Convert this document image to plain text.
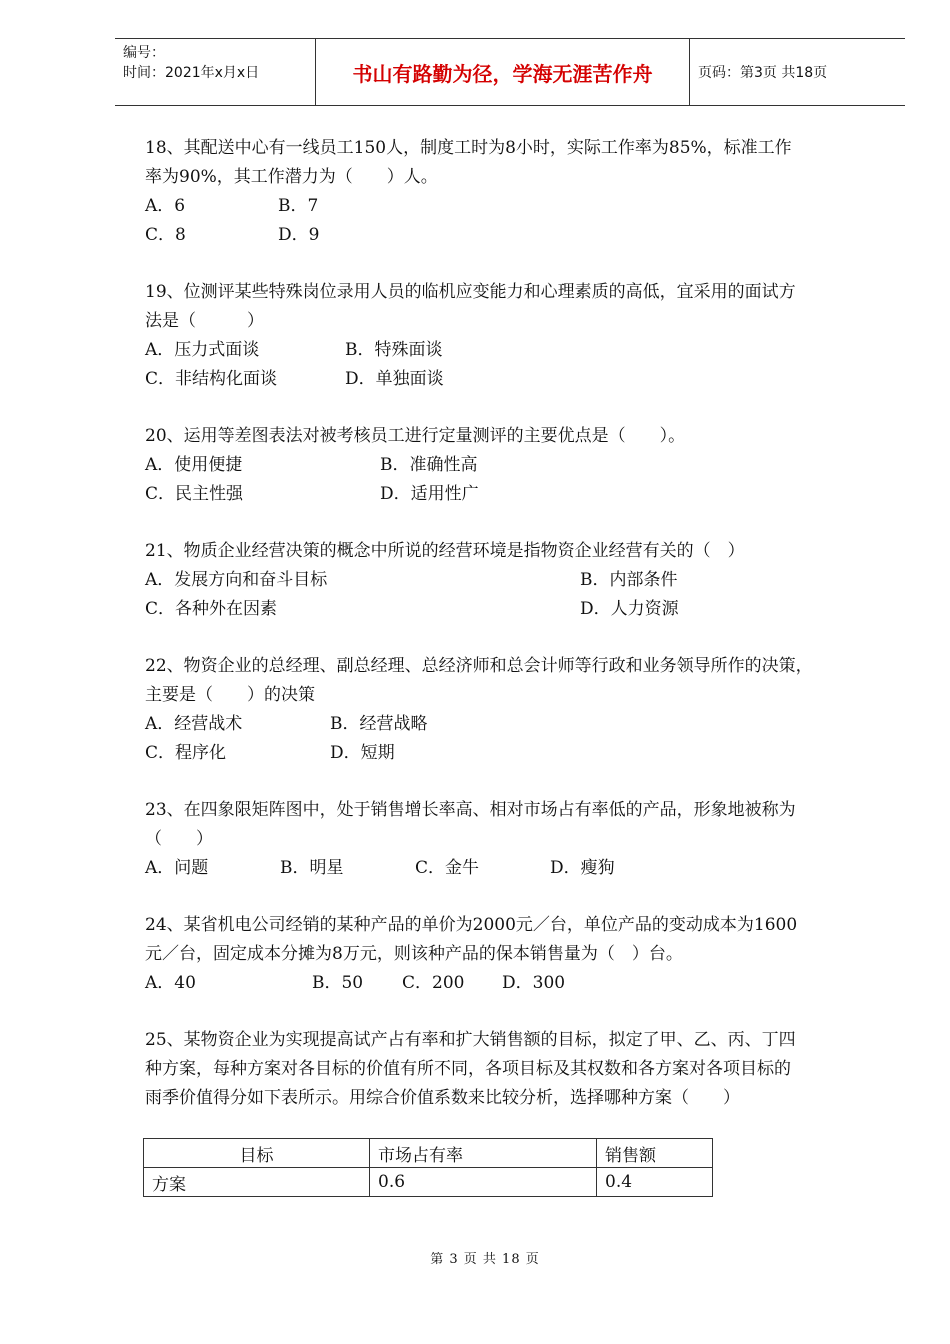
编号：
时间：2021年x月x日	书山有路勤为径，学海无涯苦作舟	页码：第3页 共18页
18、其配送中心有一线员工150人，制度工时为8小时，实际工作率为85%，标准工作
率为90%，其工作潜力为（　　）人。
A．6	B．7
C．8	D．9
19、位测评某些特殊岗位录用人员的临机应变能力和心理素质的高低，宜采用的面试方
法是（　　　）
A．压力式面谈	B．特殊面谈
C．非结构化面谈	D．单独面谈
20、运用等差图表法对被考核员工进行定量测评的主要优点是（　　）。
A．使用便捷	B．准确性高
C．民主性强	D．适用性广
21、物质企业经营决策的概念中所说的经营环境是指物资企业经营有关的（　）
A．发展方向和奋斗目标	B．内部条件
C．各种外在因素	D．人力资源
22、物资企业的总经理、副总经理、总经济师和总会计师等行政和业务领导所作的决策，
主要是（　　）的决策
A．经营战术	B．经营战略
C．程序化	D．短期
23、在四象限矩阵图中，处于销售增长率高、相对市场占有率低的产品，形象地被称为
（　　）
A．问题	B．明星	C．金牛	D．瘦狗
24、某省机电公司经销的某种产品的单价为2000元／台，单位产品的变动成本为1600
元／台，固定成本分摊为8万元，则该种产品的保本销售量为（　）台。
A．40	B．50	C．200	D．300
25、某物资企业为实现提高试产占有率和扩大销售额的目标，拟定了甲、乙、丙、丁四
种方案，每种方案对各目标的价值有所不同，各项目标及其权数和各方案对各项目标的
雨季价值得分如下表所示。用综合价值系数来比较分析，选择哪种方案（　　）
目标	市场占有率	销售额
方案	0.6	0.4
第 3 页 共 18 页
